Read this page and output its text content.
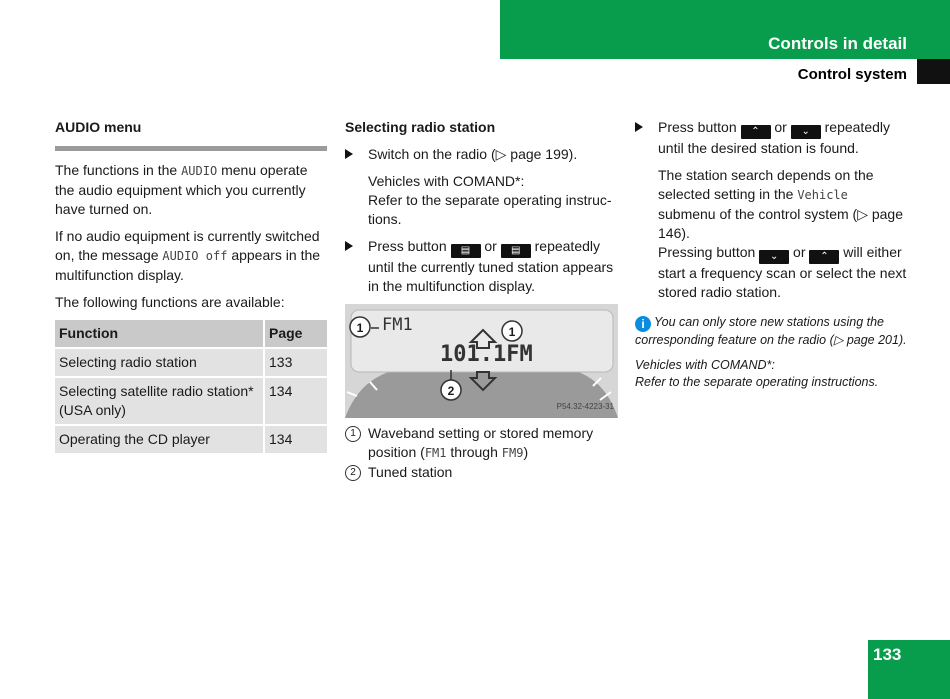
Controls in detail
Control system
AUDIO menu

The functions in the AUDIO menu operate the audio equipment which you currently have turned on.

If no audio equipment is currently switched on, the message AUDIO off appears in the multifunction display.

The following functions are available:

Function	Page
Selecting radio station	133
Selecting satellite radio station* (USA only)	134
Operating the CD player	134
Selecting radio station
Switch on the radio (▷ page 199).
Vehicles with COMAND*:
Refer to the separate operating instruc-tions.
Press button ▤ or ▤ repeatedly until the currently tuned station appears in the multifunction display.
FM1
101.1FM
1	1
2
P54.32-4223-31
1 Waveband setting or stored memory position (FM1 through FM9)
2 Tuned station
Press button ⌃ or ⌄ repeatedly until the desired station is found.
The station search depends on the selected setting in the Vehicle submenu of the control system (▷ page 146).
Pressing button ⌄ or ⌃ will either start a frequency scan or select the next stored radio station.
i You can only store new stations using the corresponding feature on the radio (▷ page 201).
Vehicles with COMAND*:
Refer to the separate operating instructions.
133
